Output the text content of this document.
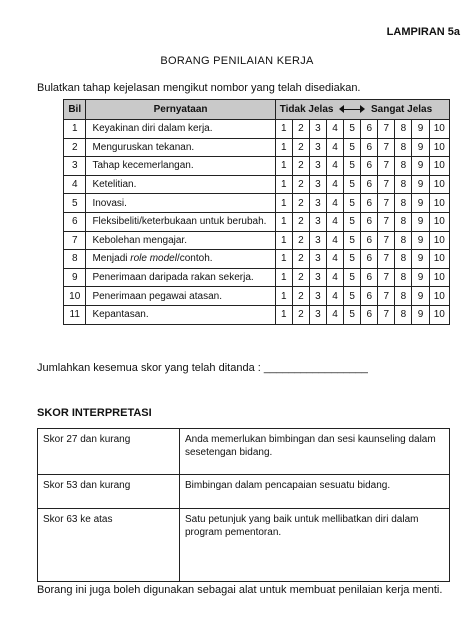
LAMPIRAN 5a
BORANG PENILAIAN KERJA
Bulatkan tahap kejelasan mengikut nombor yang telah disediakan.
Bil	Pernyataan	Tidak Jelas Sangat Jelas									
1	Keyakinan diri dalam kerja.	1	2	3	4	5	6	7	8	9	10
2	Menguruskan tekanan.	1	2	3	4	5	6	7	8	9	10
3	Tahap kecemerlangan.	1	2	3	4	5	6	7	8	9	10
4	Ketelitian.	1	2	3	4	5	6	7	8	9	10
5	Inovasi.	1	2	3	4	5	6	7	8	9	10
6	Fleksibeliti/keterbukaan untuk berubah.	1	2	3	4	5	6	7	8	9	10
7	Kebolehan mengajar.	1	2	3	4	5	6	7	8	9	10
8	Menjadi role model/contoh.	1	2	3	4	5	6	7	8	9	10
9	Penerimaan daripada rakan sekerja.	1	2	3	4	5	6	7	8	9	10
10	Penerimaan pegawai atasan.	1	2	3	4	5	6	7	8	9	10
11	Kepantasan.	1	2	3	4	5	6	7	8	9	10
Jumlahkan kesemua skor yang telah ditanda : _________________
SKOR INTERPRETASI
Skor 27 dan kurang	Anda memerlukan bimbingan dan sesi kaunseling dalam sesetengan bidang.
Skor 53 dan kurang	Bimbingan dalam pencapaian sesuatu bidang.
Skor 63 ke atas	Satu petunjuk yang baik untuk mellibatkan diri dalam program pementoran.
Borang ini juga boleh digunakan sebagai alat untuk membuat penilaian kerja menti.
